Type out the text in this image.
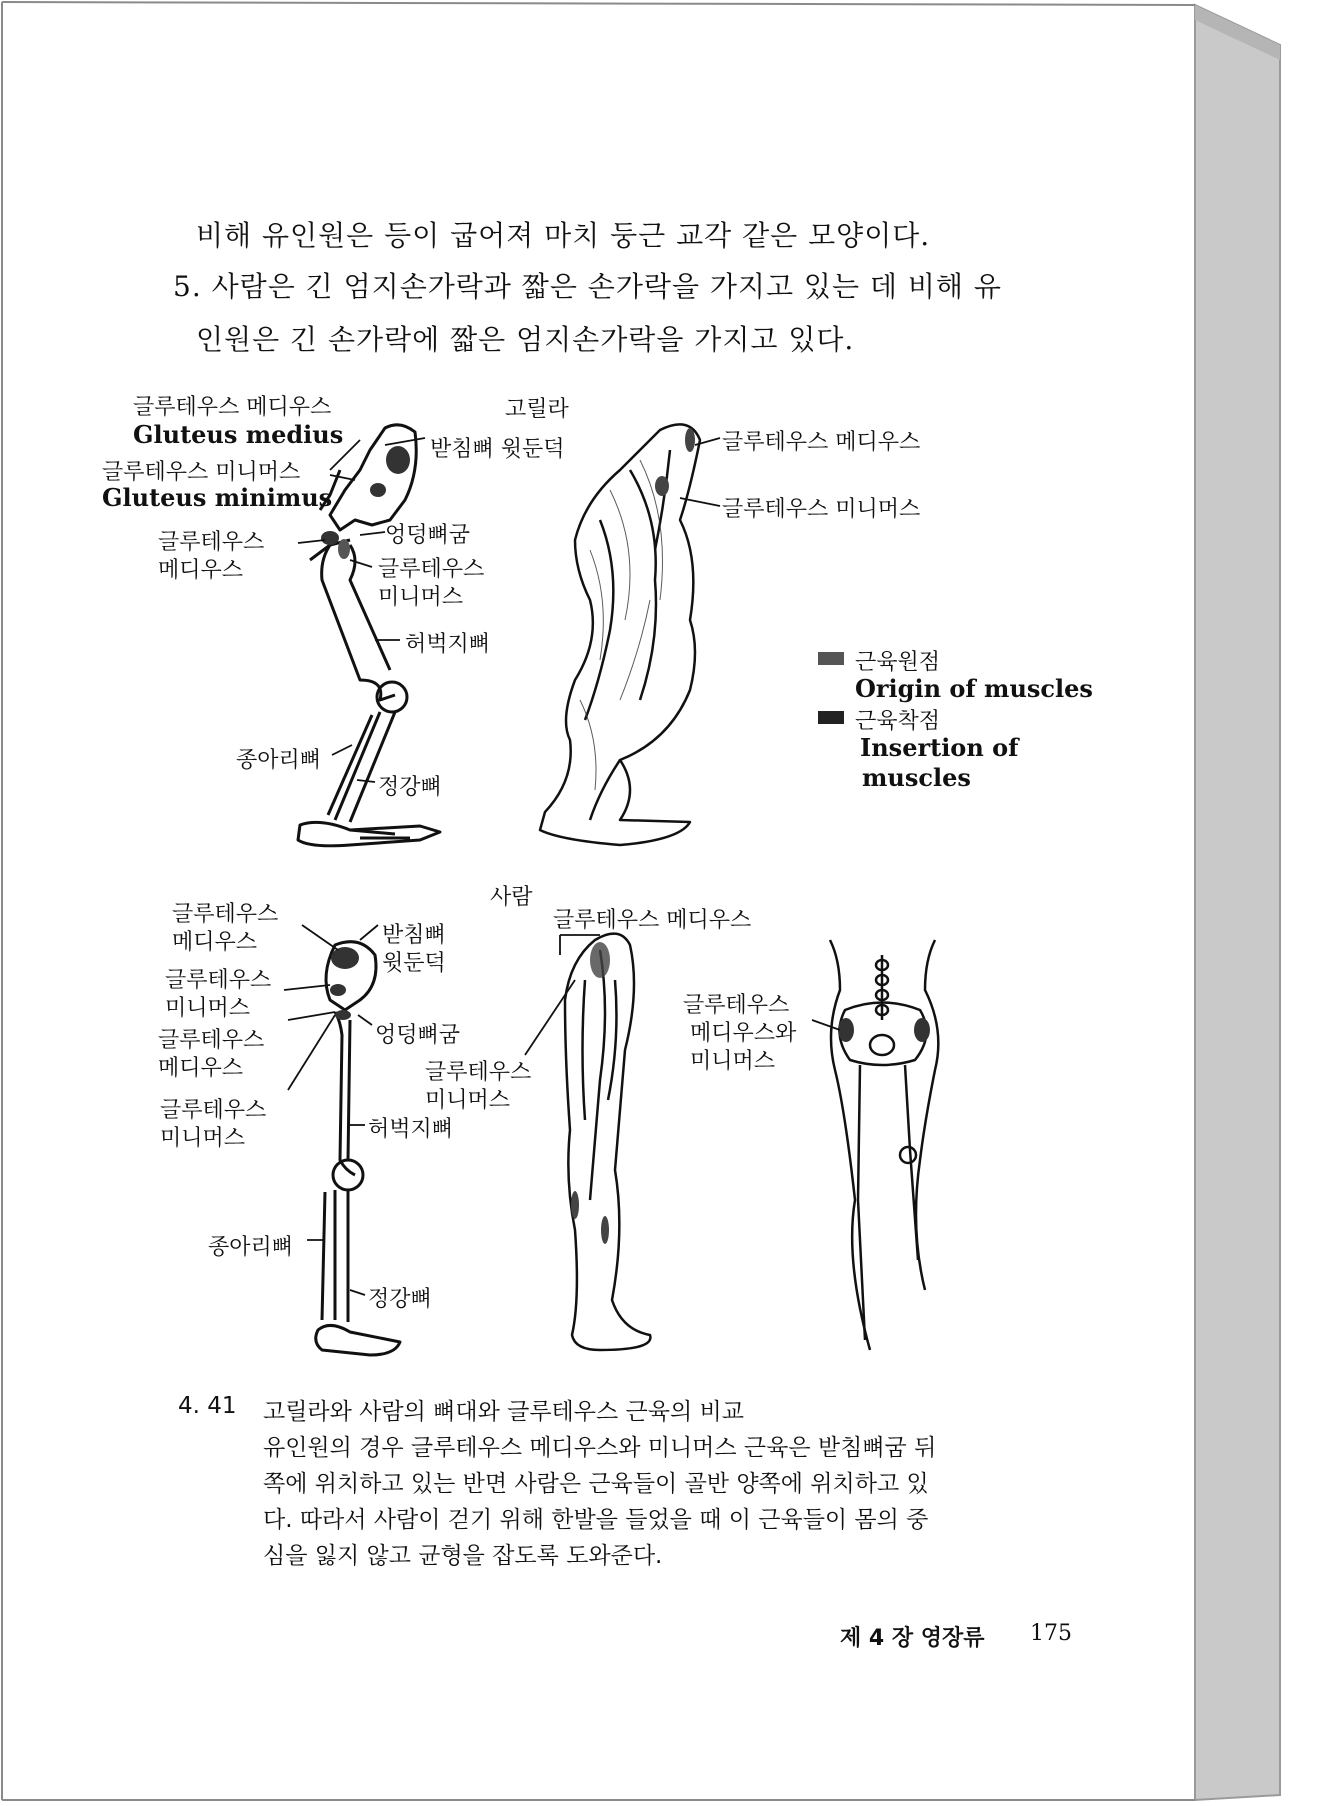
비해 유인원은 등이 굽어져 마치 둥근 교각 같은 모양이다.
5. 사람은 긴 엄지손가락과 짧은 손가락을 가지고 있는 데 비해 유
인원은 긴 손가락에 짧은 엄지손가락을 가지고 있다.
글루테우스 메디우스
Gluteus medius
글루테우스 미니머스
Gluteus minimus
글루테우스
메디우스
고릴라
받침뼈 윗둔덕
엉덩뼈굼
글루테우스
미니머스
허벅지뼈
종아리뼈
정강뼈
글루테우스 메디우스
글루테우스 미니머스
근육원점
Origin of muscles
근육착점
Insertion of
muscles
사람
글루테우스
메디우스	받침뼈
윗둔덕
글루테우스
미니머스
글루테우스
메디우스
엉덩뼈굼
글루테우스
미니머스	허벅지뼈
종아리뼈
정강뼈
글루테우스 메디우스
글루테우스
미니머스
글루테우스
메디우스와
미니머스
4. 41 고릴라와 사람의 뼈대와 글루테우스 근육의 비교
유인원의 경우 글루테우스 메디우스와 미니머스 근육은 받침뼈굼 뒤
쪽에 위치하고 있는 반면 사람은 근육들이 골반 양쪽에 위치하고 있
다. 따라서 사람이 걷기 위해 한발을 들었을 때 이 근육들이 몸의 중
심을 잃지 않고 균형을 잡도록 도와준다.
제 4 장 영장류 175
